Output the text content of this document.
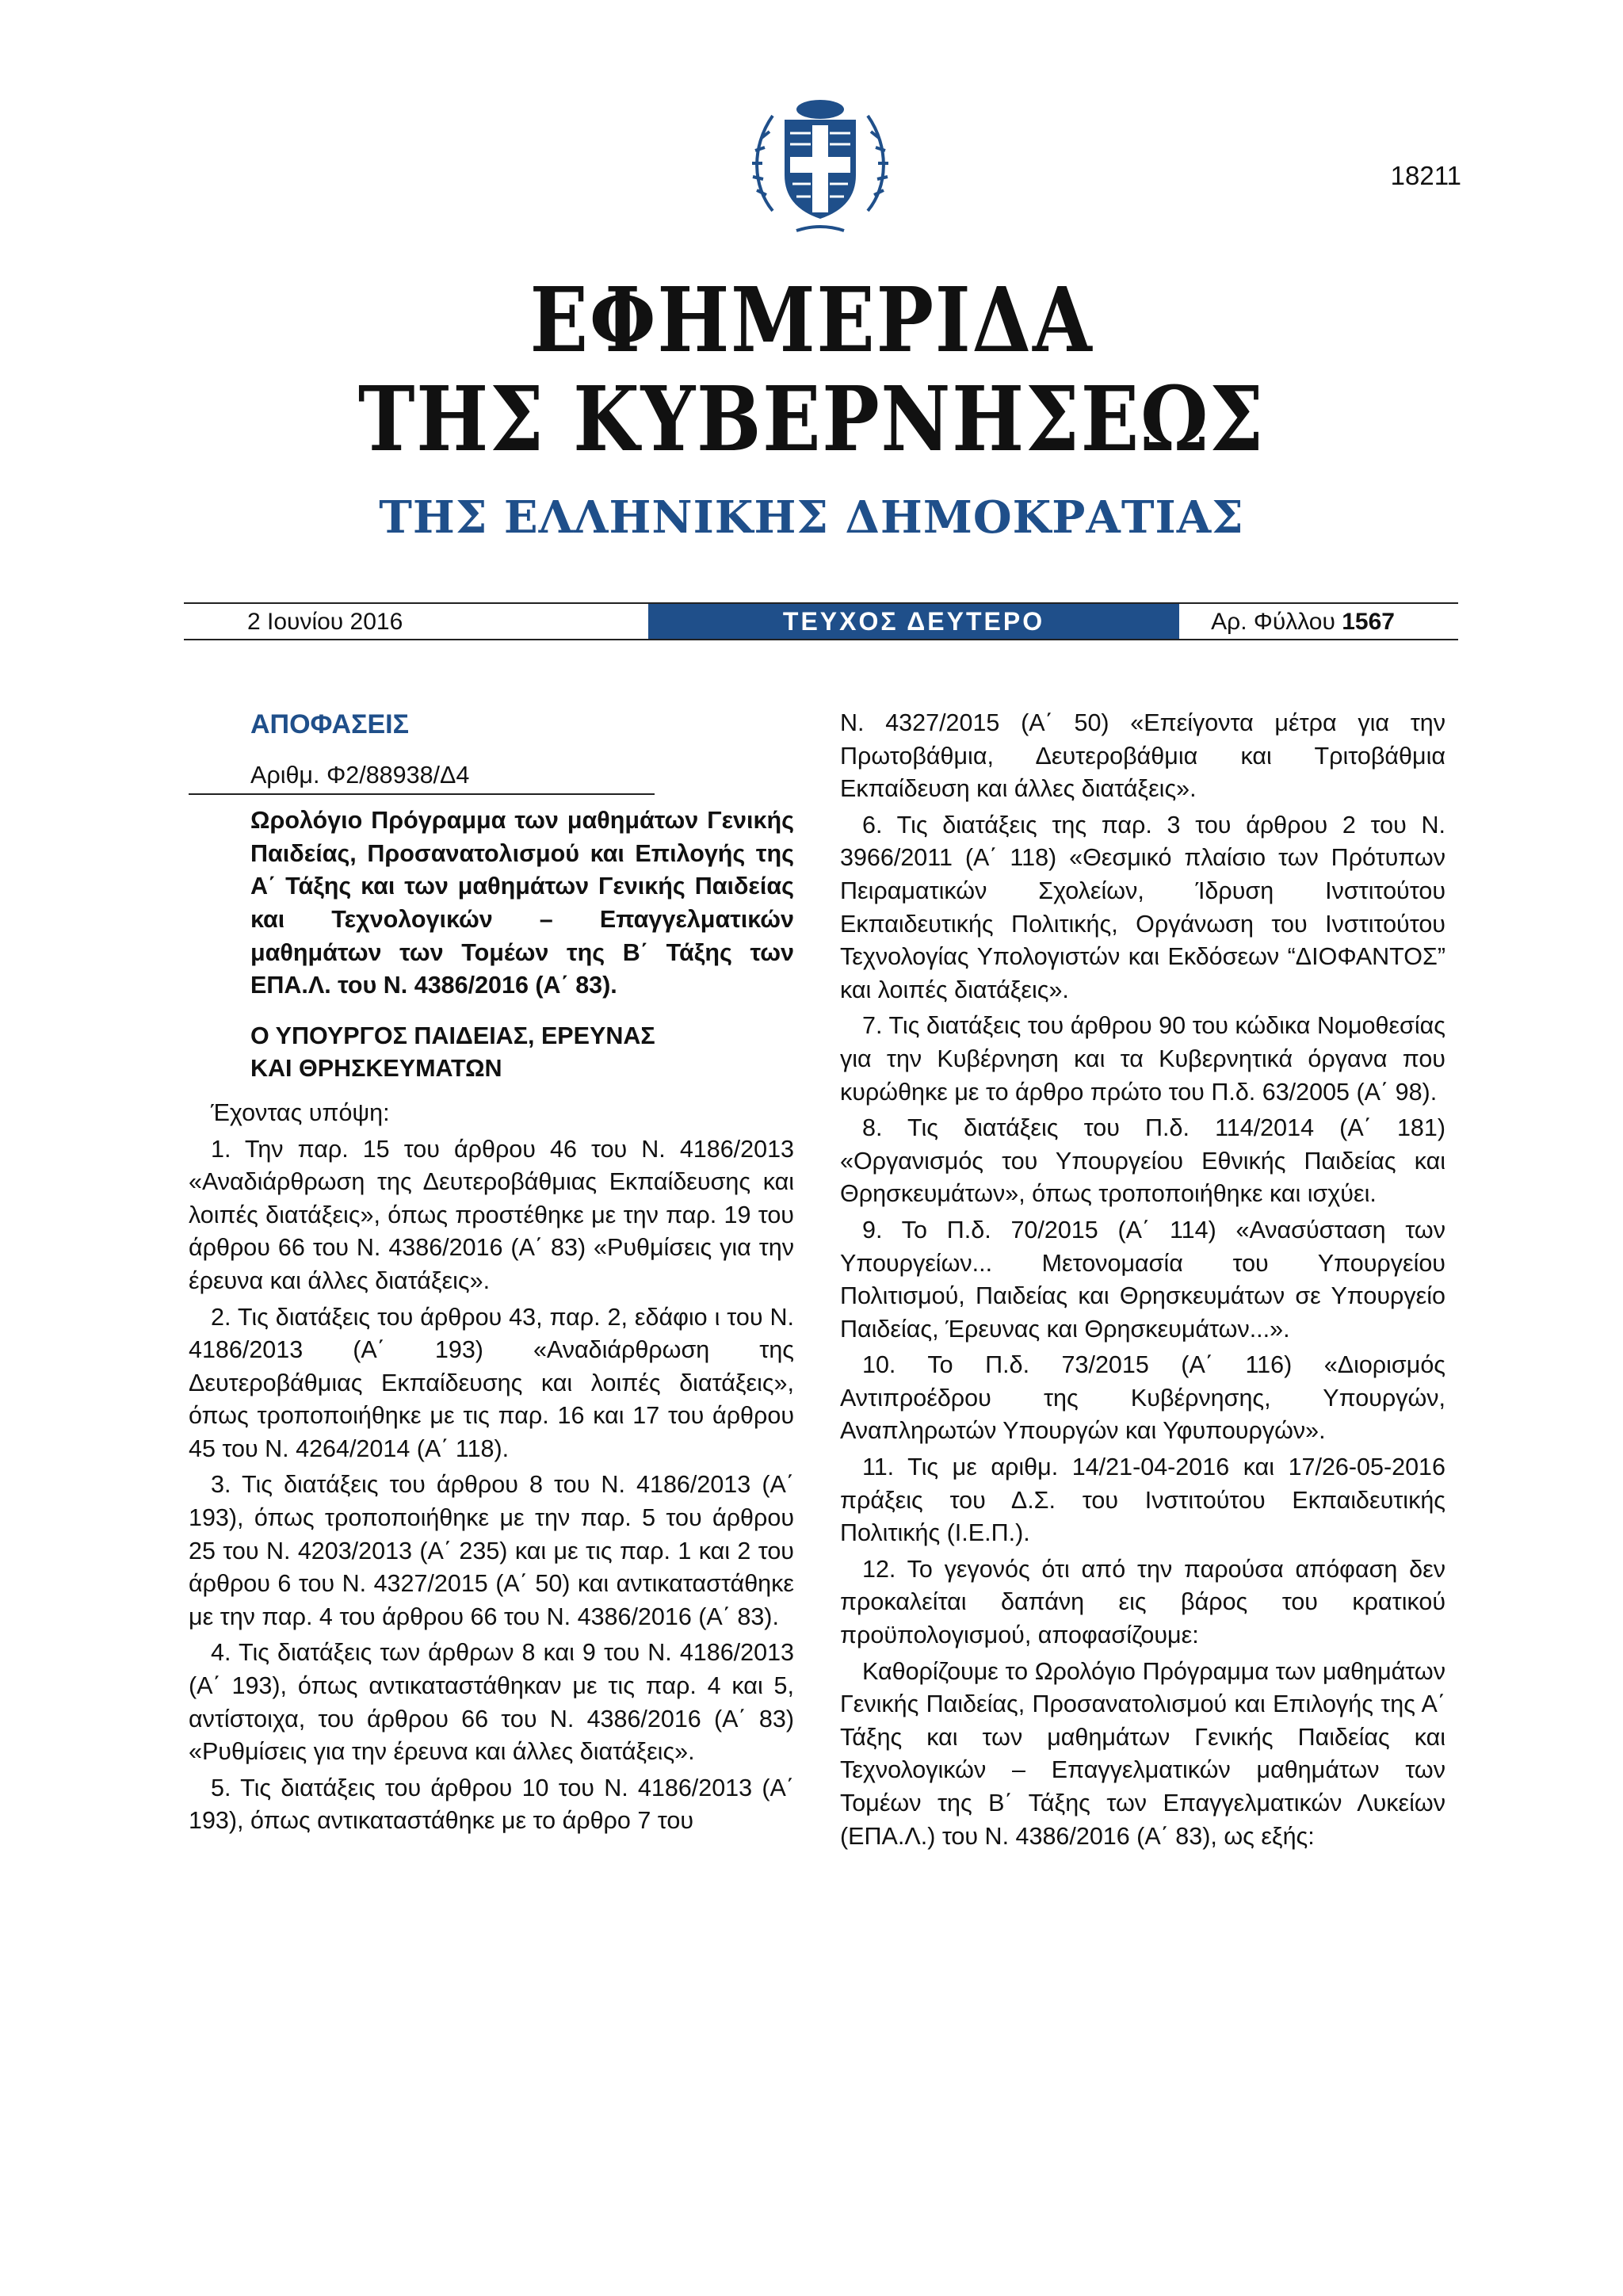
18211
ΕΦΗΜΕΡΙΔΑ
ΤΗΣ ΚΥΒΕΡΝΗΣΕΩΣ
ΤΗΣ ΕΛΛΗΝΙΚΗΣ ΔΗΜΟΚΡΑΤΙΑΣ
2 Ιουνίου 2016	ΤΕΥΧΟΣ ΔΕΥΤΕΡΟ	Αρ. Φύλλου 1567
ΑΠΟΦΑΣΕΙΣ
Αριθμ. Φ2/88938/Δ4
Ωρολόγιο Πρόγραμμα των μαθημάτων Γενικής Παιδείας, Προσανατολισμού και Επιλογής της Α΄ Τάξης και των μαθημάτων Γενικής Παιδείας και Τεχνολογικών – Επαγγελματικών μαθημάτων των Τομέων της Β΄ Τάξης των ΕΠΑ.Λ. του Ν. 4386/2016 (Α΄ 83).
Ο ΥΠΟΥΡΓΟΣ ΠΑΙΔΕΙΑΣ, ΕΡΕΥΝΑΣ
ΚΑΙ ΘΡΗΣΚΕΥΜΑΤΩΝ

Έχοντας υπόψη:

1. Την παρ. 15 του άρθρου 46 του Ν. 4186/2013 «Αναδιάρθρωση της Δευτεροβάθμιας Εκπαίδευσης και λοιπές διατάξεις», όπως προστέθηκε με την παρ. 19 του άρθρου 66 του Ν. 4386/2016 (Α΄ 83) «Ρυθμίσεις για την έρευνα και άλλες διατάξεις».

2. Τις διατάξεις του άρθρου 43, παρ. 2, εδάφιο ι του Ν. 4186/2013 (Α΄ 193) «Αναδιάρθρωση της Δευτεροβάθμιας Εκπαίδευσης και λοιπές διατάξεις», όπως τροποποιήθηκε με τις παρ. 16 και 17 του άρθρου 45 του Ν. 4264/2014 (Α΄ 118).

3. Τις διατάξεις του άρθρου 8 του Ν. 4186/2013 (Α΄ 193), όπως τροποποιήθηκε με την παρ. 5 του άρθρου 25 του Ν. 4203/2013 (Α΄ 235) και με τις παρ. 1 και 2 του άρθρου 6 του Ν. 4327/2015 (Α΄ 50) και αντικαταστάθηκε με την παρ. 4 του άρθρου 66 του Ν. 4386/2016 (Α΄ 83).

4. Τις διατάξεις των άρθρων 8 και 9 του Ν. 4186/2013 (Α΄ 193), όπως αντικαταστάθηκαν με τις παρ. 4 και 5, αντίστοιχα, του άρθρου 66 του Ν. 4386/2016 (Α΄ 83) «Ρυθμίσεις για την έρευνα και άλλες διατάξεις».

5. Τις διατάξεις του άρθρου 10 του Ν. 4186/2013 (Α΄ 193), όπως αντικαταστάθηκε με το άρθρο 7 του

Ν. 4327/2015 (Α΄ 50) «Επείγοντα μέτρα για την Πρωτοβάθμια, Δευτεροβάθμια και Τριτοβάθμια Εκπαίδευση και άλλες διατάξεις».

6. Τις διατάξεις της παρ. 3 του άρθρου 2 του Ν. 3966/2011 (Α΄ 118) «Θεσμικό πλαίσιο των Πρότυπων Πειραματικών Σχολείων, Ίδρυση Ινστιτούτου Εκπαιδευτικής Πολιτικής, Οργάνωση του Ινστιτούτου Τεχνολογίας Υπολογιστών και Εκδόσεων “ΔΙΟΦΑΝΤΟΣ” και λοιπές διατάξεις».

7. Τις διατάξεις του άρθρου 90 του κώδικα Νομοθεσίας για την Κυβέρνηση και τα Κυβερνητικά όργανα που κυρώθηκε με το άρθρο πρώτο του Π.δ. 63/2005 (Α΄ 98).

8. Τις διατάξεις του Π.δ. 114/2014 (Α΄ 181) «Οργανισμός του Υπουργείου Εθνικής Παιδείας και Θρησκευμάτων», όπως τροποποιήθηκε και ισχύει.

9. Το Π.δ. 70/2015 (Α΄ 114) «Ανασύσταση των Υπουργείων... Μετονομασία του Υπουργείου Πολιτισμού, Παιδείας και Θρησκευμάτων σε Υπουργείο Παιδείας, Έρευνας και Θρησκευμάτων...».

10. Το Π.δ. 73/2015 (Α΄ 116) «Διορισμός Αντιπροέδρου της Κυβέρνησης, Υπουργών, Αναπληρωτών Υπουργών και Υφυπουργών».

11. Τις με αριθμ. 14/21-04-2016 και 17/26-05-2016 πράξεις του Δ.Σ. του Ινστιτούτου Εκπαιδευτικής Πολιτικής (Ι.Ε.Π.).

12. Το γεγονός ότι από την παρούσα απόφαση δεν προκαλείται δαπάνη εις βάρος του κρατικού προϋπολογισμού, αποφασίζουμε:

Καθορίζουμε το Ωρολόγιο Πρόγραμμα των μαθημάτων Γενικής Παιδείας, Προσανατολισμού και Επιλογής της Α΄ Τάξης και των μαθημάτων Γενικής Παιδείας και Τεχνολογικών – Επαγγελματικών μαθημάτων των Τομέων της Β΄ Τάξης των Επαγγελματικών Λυκείων (ΕΠΑ.Λ.) του Ν. 4386/2016 (Α΄ 83), ως εξής:
